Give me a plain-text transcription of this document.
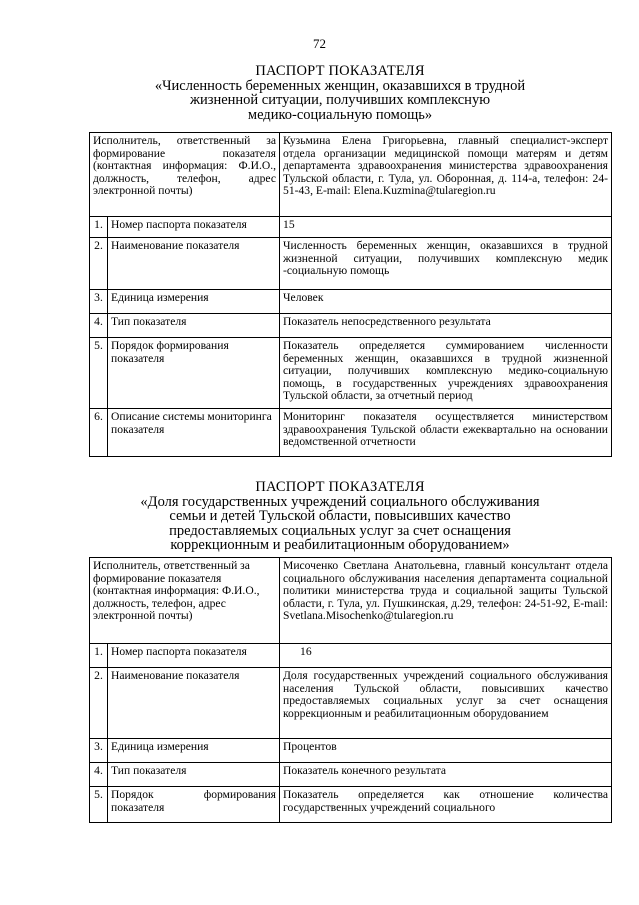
72
ПАСПОРТ ПОКАЗАТЕЛЯ
«Численность беременных женщин, оказавшихся в трудной
жизненной ситуации, получивших комплексную
медико-социальную помощь»
Исполнитель, ответственный за формирование показателя (контактная информация: Ф.И.О., должность, телефон, адрес электронной почты)		Кузьмина Елена Григорьевна, главный специалист-эксперт отдела организации медицинской помощи матерям и детям департамента здравоохранения министерства здравоохранения Тульской области, г. Тула, ул. Оборонная, д. 114-а, телефон: 24-51-43, E-mail: Elena.Kuzmina@tularegion.ru
1.	Номер паспорта показателя	15
2.	Наименование показателя	Численность беременных женщин, оказавшихся в трудной жизненной ситуации, получивших комплексную медик -социальную помощь
3.	Единица измерения	Человек
4.	Тип показателя	Показатель непосредственного результата
5.	Порядок формирования показателя	Показатель определяется суммированием численности беременных женщин, оказавшихся в трудной жизненной ситуации, получивших комплексную медико-социальную помощь, в государственных учреждениях здравоохранения Тульской области, за отчетный период
6.	Описание системы мониторинга показателя	Мониторинг показателя осуществляется министерством здравоохранения Тульской области ежеквартально на основании ведомственной отчетности
ПАСПОРТ ПОКАЗАТЕЛЯ
«Доля государственных учреждений социального обслуживания
семьи и детей Тульской области, повысивших качество
предоставляемых социальных услуг за счет оснащения
коррекционным и реабилитационным оборудованием»
Исполнитель, ответственный за формирование показателя (контактная информация: Ф.И.О., должность, телефон, адрес электронной почты)		Мисоченко Светлана Анатольевна, главный консультант отдела социального обслуживания населения департамента социальной политики министерства труда и социальной защиты Тульской области, г. Тула, ул. Пушкинская, д.29, телефон: 24-51-92, E-mail: Svetlana.Misochenko@tularegion.ru
1.	Номер паспорта показателя	16
2.	Наименование показателя	Доля государственных учреждений социального обслуживания населения Тульской области, повысивших качество предоставляемых социальных услуг за счет оснащения коррекционным и реабилитационным оборудованием
3.	Единица измерения	Процентов
4.	Тип показателя	Показатель конечного результата
5.	Порядок формирования показателя	Показатель определяется как отношение количества государственных учреждений социального
